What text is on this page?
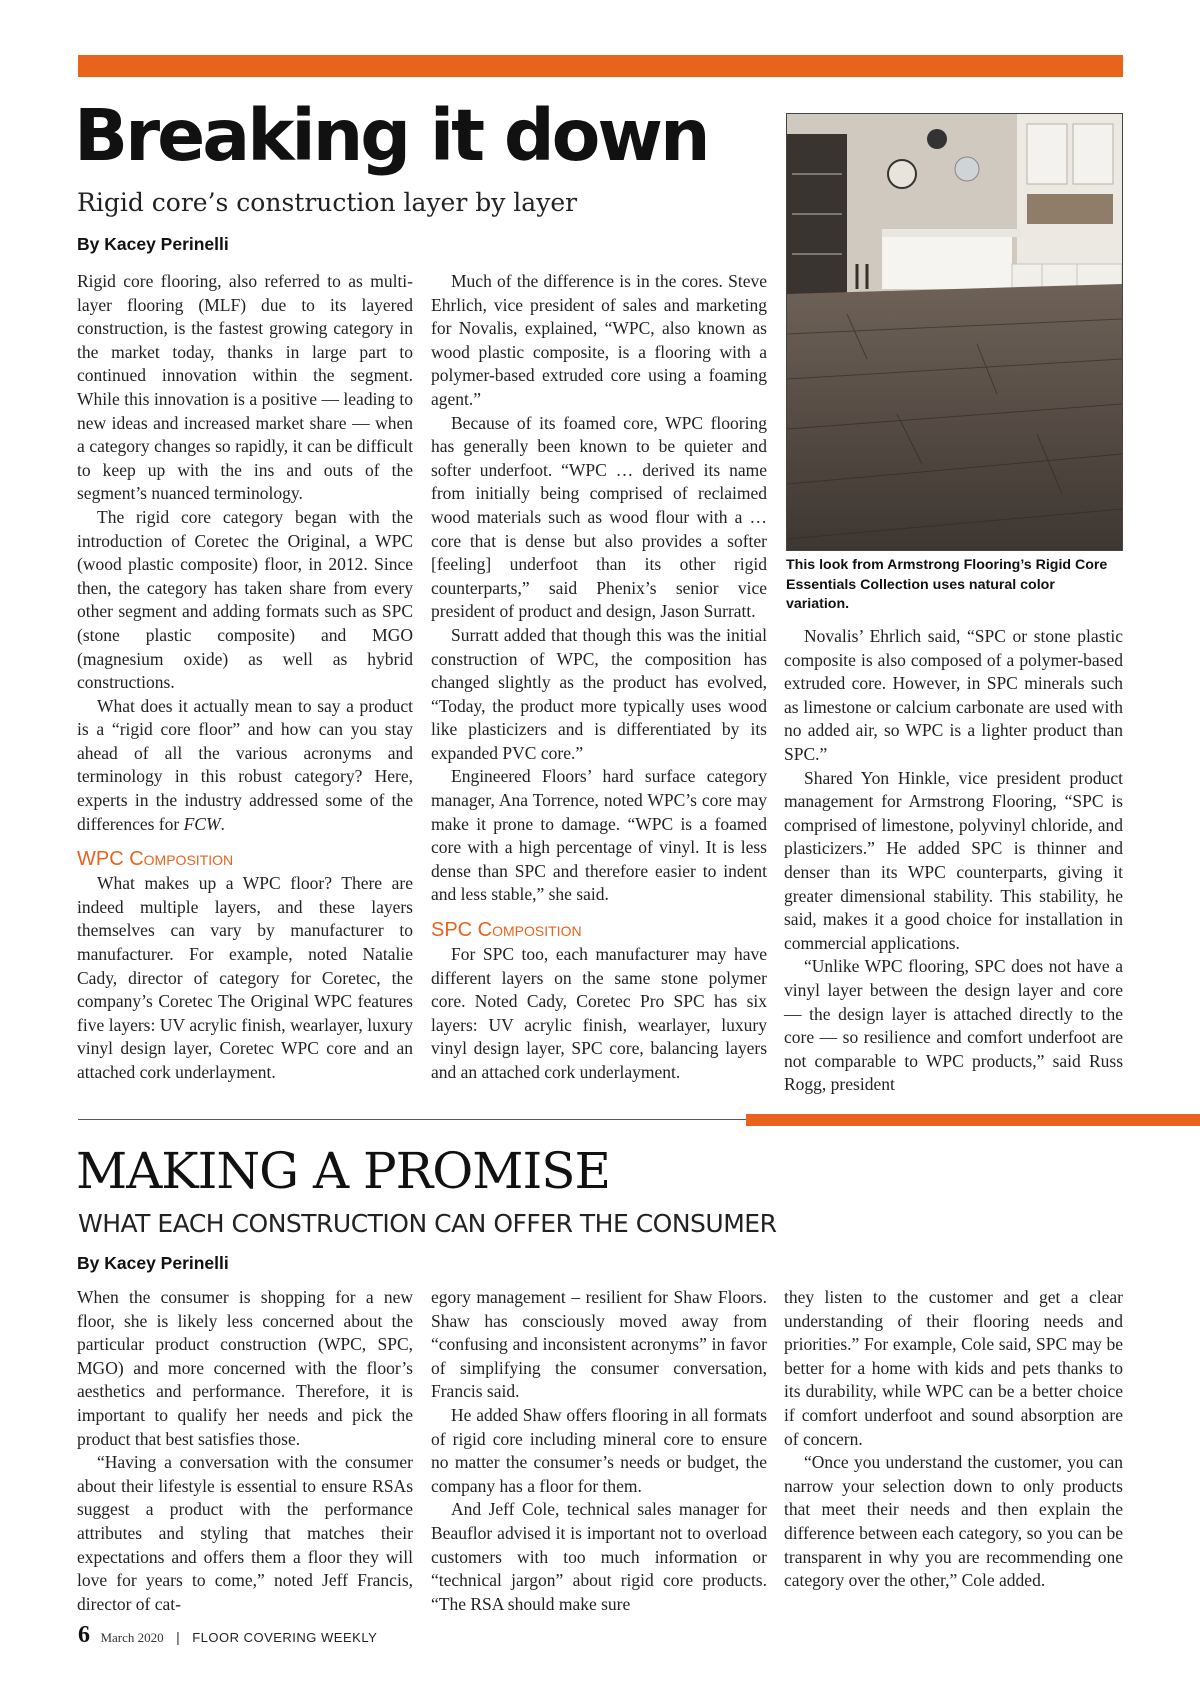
Breaking it down
Rigid core’s construction layer by layer
By Kacey Perinelli

Rigid core flooring, also referred to as multi-layer flooring (MLF) due to its layered construction, is the fastest growing category in the market today, thanks in large part to continued innovation within the segment. While this innovation is a positive — leading to new ideas and increased market share — when a category changes so rapidly, it can be difficult to keep up with the ins and outs of the segment’s nuanced terminology.

The rigid core category began with the introduction of Coretec the Original, a WPC (wood plastic composite) floor, in 2012. Since then, the category has taken share from every other segment and adding formats such as SPC (stone plastic composite) and MGO (magnesium oxide) as well as hybrid constructions.

What does it actually mean to say a product is a “rigid core floor” and how can you stay ahead of all the various acronyms and terminology in this robust category? Here, experts in the industry addressed some of the differences for FCW.

WPC Composition

What makes up a WPC floor? There are indeed multiple layers, and these layers themselves can vary by manufacturer to manufacturer. For example, noted Natalie Cady, director of category for Coretec, the company’s Coretec The Original WPC features five layers: UV acrylic finish, wearlayer, luxury vinyl design layer, Coretec WPC core and an attached cork underlayment.

Much of the difference is in the cores. Steve Ehrlich, vice president of sales and marketing for Novalis, explained, “WPC, also known as wood plastic composite, is a flooring with a polymer-based extruded core using a foaming agent.”

Because of its foamed core, WPC flooring has generally been known to be quieter and softer underfoot. “WPC … derived its name from initially being comprised of reclaimed wood materials such as wood flour with a … core that is dense but also provides a softer [feeling] underfoot than its other rigid counterparts,” said Phenix’s senior vice president of product and design, Jason Surratt.

Surratt added that though this was the initial construction of WPC, the composition has changed slightly as the product has evolved, “Today, the product more typically uses wood like plasticizers and is differentiated by its expanded PVC core.”

Engineered Floors’ hard surface category manager, Ana Torrence, noted WPC’s core may make it prone to damage. “WPC is a foamed core with a high percentage of vinyl. It is less dense than SPC and therefore easier to indent and less stable,” she said.

SPC Composition

For SPC too, each manufacturer may have different layers on the same stone polymer core. Noted Cady, Coretec Pro SPC has six layers: UV acrylic finish, wearlayer, luxury vinyl design layer, SPC core, balancing layers and an attached cork underlayment.

This look from Armstrong Flooring’s Rigid Core Essentials Collection uses natural color variation.

Novalis’ Ehrlich said, “SPC or stone plastic composite is also composed of a polymer-based extruded core. However, in SPC minerals such as limestone or calcium carbonate are used with no added air, so WPC is a lighter product than SPC.”

Shared Yon Hinkle, vice president product management for Armstrong Flooring, “SPC is comprised of limestone, polyvinyl chloride, and plasticizers.” He added SPC is thinner and denser than its WPC counterparts, giving it greater dimensional stability. This stability, he said, makes it a good choice for installation in commercial applications.

“Unlike WPC flooring, SPC does not have a vinyl layer between the design layer and core — the design layer is attached directly to the core — so resilience and comfort underfoot are not comparable to WPC products,” said Russ Rogg, president

MAKING A PROMISE
WHAT EACH CONSTRUCTION CAN OFFER THE CONSUMER
By Kacey Perinelli

When the consumer is shopping for a new floor, she is likely less concerned about the particular product construction (WPC, SPC, MGO) and more concerned with the floor’s aesthetics and performance. Therefore, it is important to qualify her needs and pick the product that best satisfies those.

“Having a conversation with the consumer about their lifestyle is essential to ensure RSAs suggest a product with the performance attributes and styling that matches their expectations and offers them a floor they will love for years to come,” noted Jeff Francis, director of cat-

egory management – resilient for Shaw Floors. Shaw has consciously moved away from “confusing and inconsistent acronyms” in favor of simplifying the consumer conversation, Francis said.

He added Shaw offers flooring in all formats of rigid core including mineral core to ensure no matter the consumer’s needs or budget, the company has a floor for them.

And Jeff Cole, technical sales manager for Beauflor advised it is important not to overload customers with too much information or “technical jargon” about rigid core products. “The RSA should make sure

they listen to the customer and get a clear understanding of their flooring needs and priorities.” For example, Cole said, SPC may be better for a home with kids and pets thanks to its durability, while WPC can be a better choice if comfort underfoot and sound absorption are of concern.

“Once you understand the customer, you can narrow your selection down to only products that meet their needs and then explain the difference between each category, so you can be transparent in why you are recommending one category over the other,” Cole added.

6 March 2020 | FLOOR COVERING WEEKLY
